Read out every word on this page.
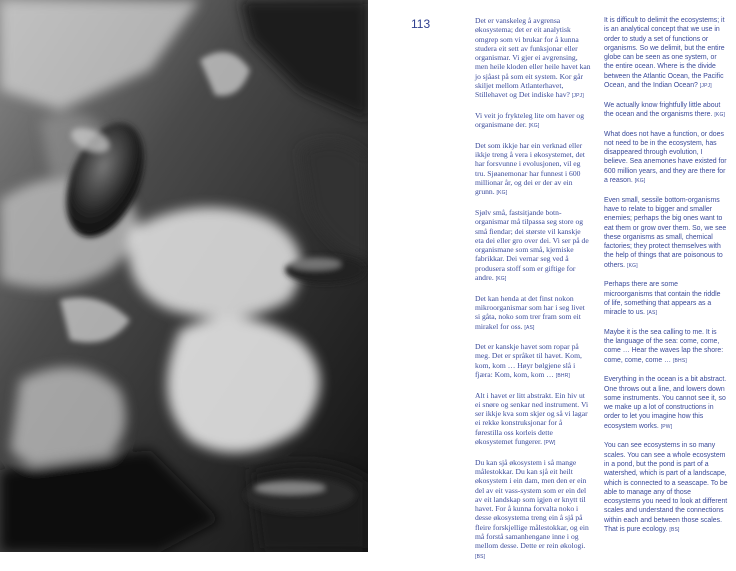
113	Det er vanskeleg å avgrensa økosystema; det er eit analytisk omgrep som vi brukar for å kunna studera eit sett av funksjonar eller organismar. Vi gjer ei avgrensing, men heile kloden eller heile havet kan jo sjåast på som eit system. Kor går skiljet mellom Atlanterhavet, Stillehavet og Det indiske hav? [JPJ]

Vi veit jo frykteleg lite om haver og organismane der. [KG]

Det som ikkje har ein verknad eller ikkje treng å vera i økosystemet, det har forsvunne i evolusjonen, vil eg tru. Sjøanemonar har funnest i 600 millionar år, og dei er der av ein grunn. [KG]

Sjølv små, fastsitjande botn-organismar må tilpassa seg store og små fiendar; dei største vil kanskje eta dei eller gro over dei. Vi ser på de organismane som små, kjemiske fabrikkar. Dei vernar seg ved å produsera stoff som er giftige for andre. [KG]

Det kan henda at det finst nokon mikroorganismar som har i seg livet si gåta, noko som trer fram som eit mirakel for oss. [AS]

Det er kanskje havet som ropar på meg. Det er språket til havet. Kom, kom, kom … Høyr bølgjene slå i fjæra: Kom, kom, kom … [BHR]

Alt i havet er litt abstrakt. Ein hiv ut ei snøre og senkar ned instrument. Vi ser ikkje kva som skjer og så vi lagar ei rekke konstruksjonar for å førestilla oss korleis dette økosystemet fungerer. [PW]

Du kan sjå økosystem i så mange målestokkar. Du kan sjå eit heilt økosystem i ein dam, men den er ein del av eit vass-system som er ein del av eit landskap som igjen er knytt til havet. For å kunna forvalta noko i desse økosystema treng ein å sjå på fleire forskjellige målestokkar, og ein må forstå samanhengane inne i og mellom desse. Dette er rein økologi. [BS]

It is difficult to delimit the ecosystems; it is an analytical concept that we use in order to study a set of functions or organisms. So we delimit, but the entire globe can be seen as one system, or the entire ocean. Where is the divide between the Atlantic Ocean, the Pacific Ocean, and the Indian Ocean? [JPJ]

We actually know frightfully little about the ocean and the organisms there. [KG]

What does not have a function, or does not need to be in the ecosystem, has disappeared through evolution, I believe. Sea anemones have existed for 600 million years, and they are there for a reason. [KG]

Even small, sessile bottom-organisms have to relate to bigger and smaller enemies; perhaps the big ones want to eat them or grow over them. So, we see these organisms as small, chemical factories; they protect themselves with the help of things that are poisonous to others. [KG]

Perhaps there are some microorganisms that contain the riddle of life, something that appears as a miracle to us. [AS]

Maybe it is the sea calling to me. It is the language of the sea: come, come, come … Hear the waves lap the shore: come, come, come … [BHS]

Everything in the ocean is a bit abstract. One throws out a line, and lowers down some instruments. You cannot see it, so we make up a lot of constructions in order to let you imagine how this ecosystem works. [PW]

You can see ecosystems in so many scales. You can see a whole ecosystem in a pond, but the pond is part of a watershed, which is part of a landscape, which is connected to a seascape. To be able to manage any of those ecosystems you need to look at different scales and understand the connections within each and between those scales. That is pure ecology. [BS]
